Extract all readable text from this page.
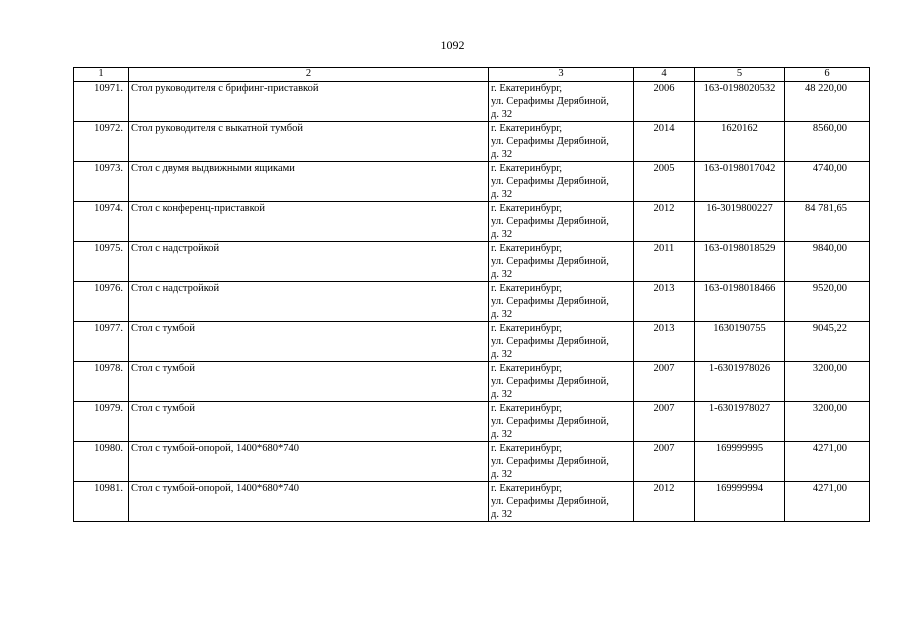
1092
1	2	3	4	5	6
10971.	Стол руководителя с брифинг-приставкой	г. Екатеринбург,
ул. Серафимы Дерябиной,
д. 32	2006	163-0198020532	48 220,00
10972.	Стол руководителя с выкатной тумбой	г. Екатеринбург,
ул. Серафимы Дерябиной,
д. 32	2014	1620162	8560,00
10973.	Стол с двумя выдвижными ящиками	г. Екатеринбург,
ул. Серафимы Дерябиной,
д. 32	2005	163-0198017042	4740,00
10974.	Стол с конференц-приставкой	г. Екатеринбург,
ул. Серафимы Дерябиной,
д. 32	2012	16-3019800227	84 781,65
10975.	Стол с надстройкой	г. Екатеринбург,
ул. Серафимы Дерябиной,
д. 32	2011	163-0198018529	9840,00
10976.	Стол с надстройкой	г. Екатеринбург,
ул. Серафимы Дерябиной,
д. 32	2013	163-0198018466	9520,00
10977.	Стол с тумбой	г. Екатеринбург,
ул. Серафимы Дерябиной,
д. 32	2013	1630190755	9045,22
10978.	Стол с тумбой	г. Екатеринбург,
ул. Серафимы Дерябиной,
д. 32	2007	1-6301978026	3200,00
10979.	Стол с тумбой	г. Екатеринбург,
ул. Серафимы Дерябиной,
д. 32	2007	1-6301978027	3200,00
10980.	Стол с тумбой-опорой, 1400*680*740	г. Екатеринбург,
ул. Серафимы Дерябиной,
д. 32	2007	169999995	4271,00
10981.	Стол с тумбой-опорой, 1400*680*740	г. Екатеринбург,
ул. Серафимы Дерябиной,
д. 32	2012	169999994	4271,00
